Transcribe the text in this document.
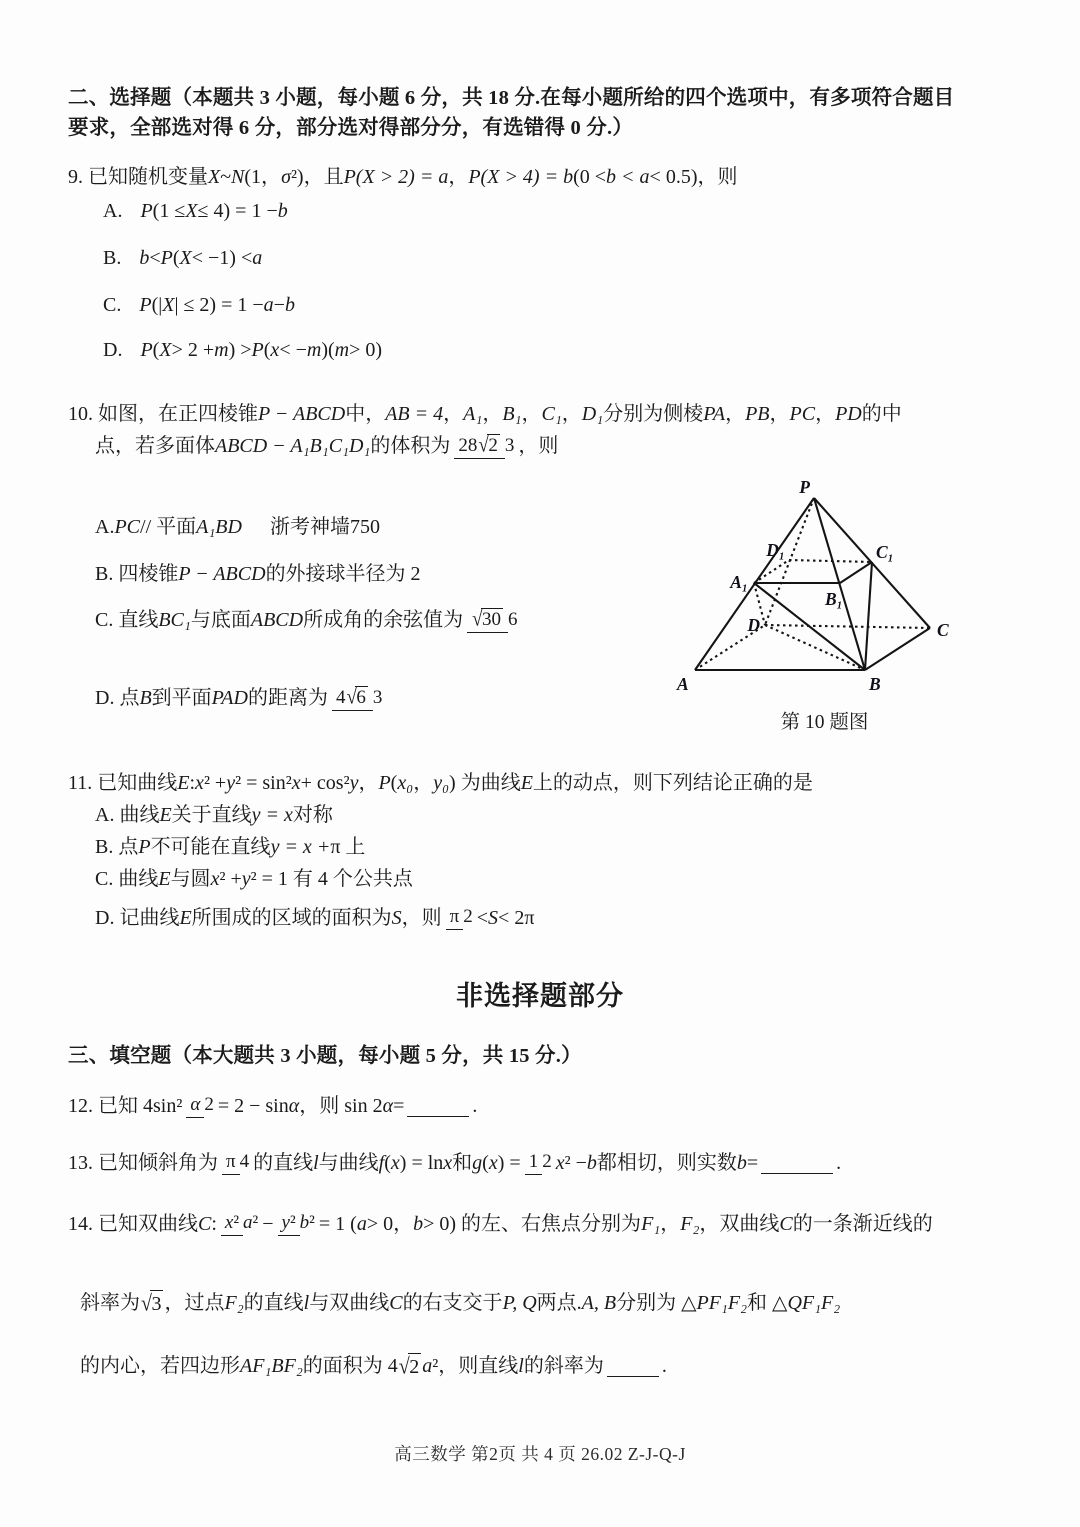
二、选择题（本题共 3 小题，每小题 6 分，共 18 分.在每小题所给的四个选项中，有多项符合题目
要求，全部选对得 6 分，部分选对得部分分，有选错得 0 分.）
9. 已知随机变量 X ~ N (1， σ ²)，且 P(X > 2) = a ， P(X > 4) = b (0 < b < a < 0.5)，则
A. P (1 ≤ X ≤ 4) = 1 − b
B. b < P ( X < −1) < a
C. P (| X | ≤ 2) = 1 − a − b
D. P ( X > 2 + m ) > P ( x < − m )( m > 0)
10. 如图，在正四棱锥 P − ABCD 中， AB = 4 ， A₁ ， B₁ ， C₁ ， D₁ 分别为侧棱 PA ， PB ， PC ， PD 的中
点，若多面体 ABCD − A₁B₁C₁D₁ 的体积为 28√2 3 ，则
A. PC // 平面 A₁BD 浙考神墙750
B. 四棱锥 P − ABCD 的外接球半径为 2
C. 直线 BC₁ 与底面 ABCD 所成角的余弦值为 √30 6
D. 点 B 到平面 PAD 的距离为 4√6 3
P
A₁
D₁	C₁
B₁
D	C
A	B
第 10 题图
11. 已知曲线 E : x ² + y ² = sin² x + cos² y ， P ( x₀ ， y₀ ) 为曲线 E 上的动点，则下列结论正确的是
A. 曲线 E 关于直线 y = x 对称
B. 点 P 不可能在直线 y = x + π 上
C. 曲线 E 与圆 x ² + y ² = 1 有 4 个公共点
D. 记曲线 E 所围成的区域的面积为 S ，则 π 2 < S < 2π
非选择题部分
三、填空题（本大题共 3 小题，每小题 5 分，共 15 分.）
12. 已知 4sin² α 2 = 2 − sin α ，则 sin 2 α =	.
13. 已知倾斜角为 π 4 的直线 l 与曲线 f ( x ) = ln x 和 g ( x ) = 1 2 x ² − b 都相切，则实数 b =	.
14. 已知双曲线 C : x² a² − y² b² = 1 ( a > 0， b > 0) 的左、右焦点分别为 F₁ ， F₂ ，双曲线 C 的一条渐近线的
斜率为 √3 ，过点 F₂ 的直线 l 与双曲线 C 的右支交于 P, Q 两点. A, B 分别为 △ PF₁F₂ 和 △ QF₁F₂
的内心，若四边形 AF₁BF₂ 的面积为 4 √2 a ²，则直线 l 的斜率为	.
高三数学 第2页 共 4 页 26.02 Z-J-Q-J
